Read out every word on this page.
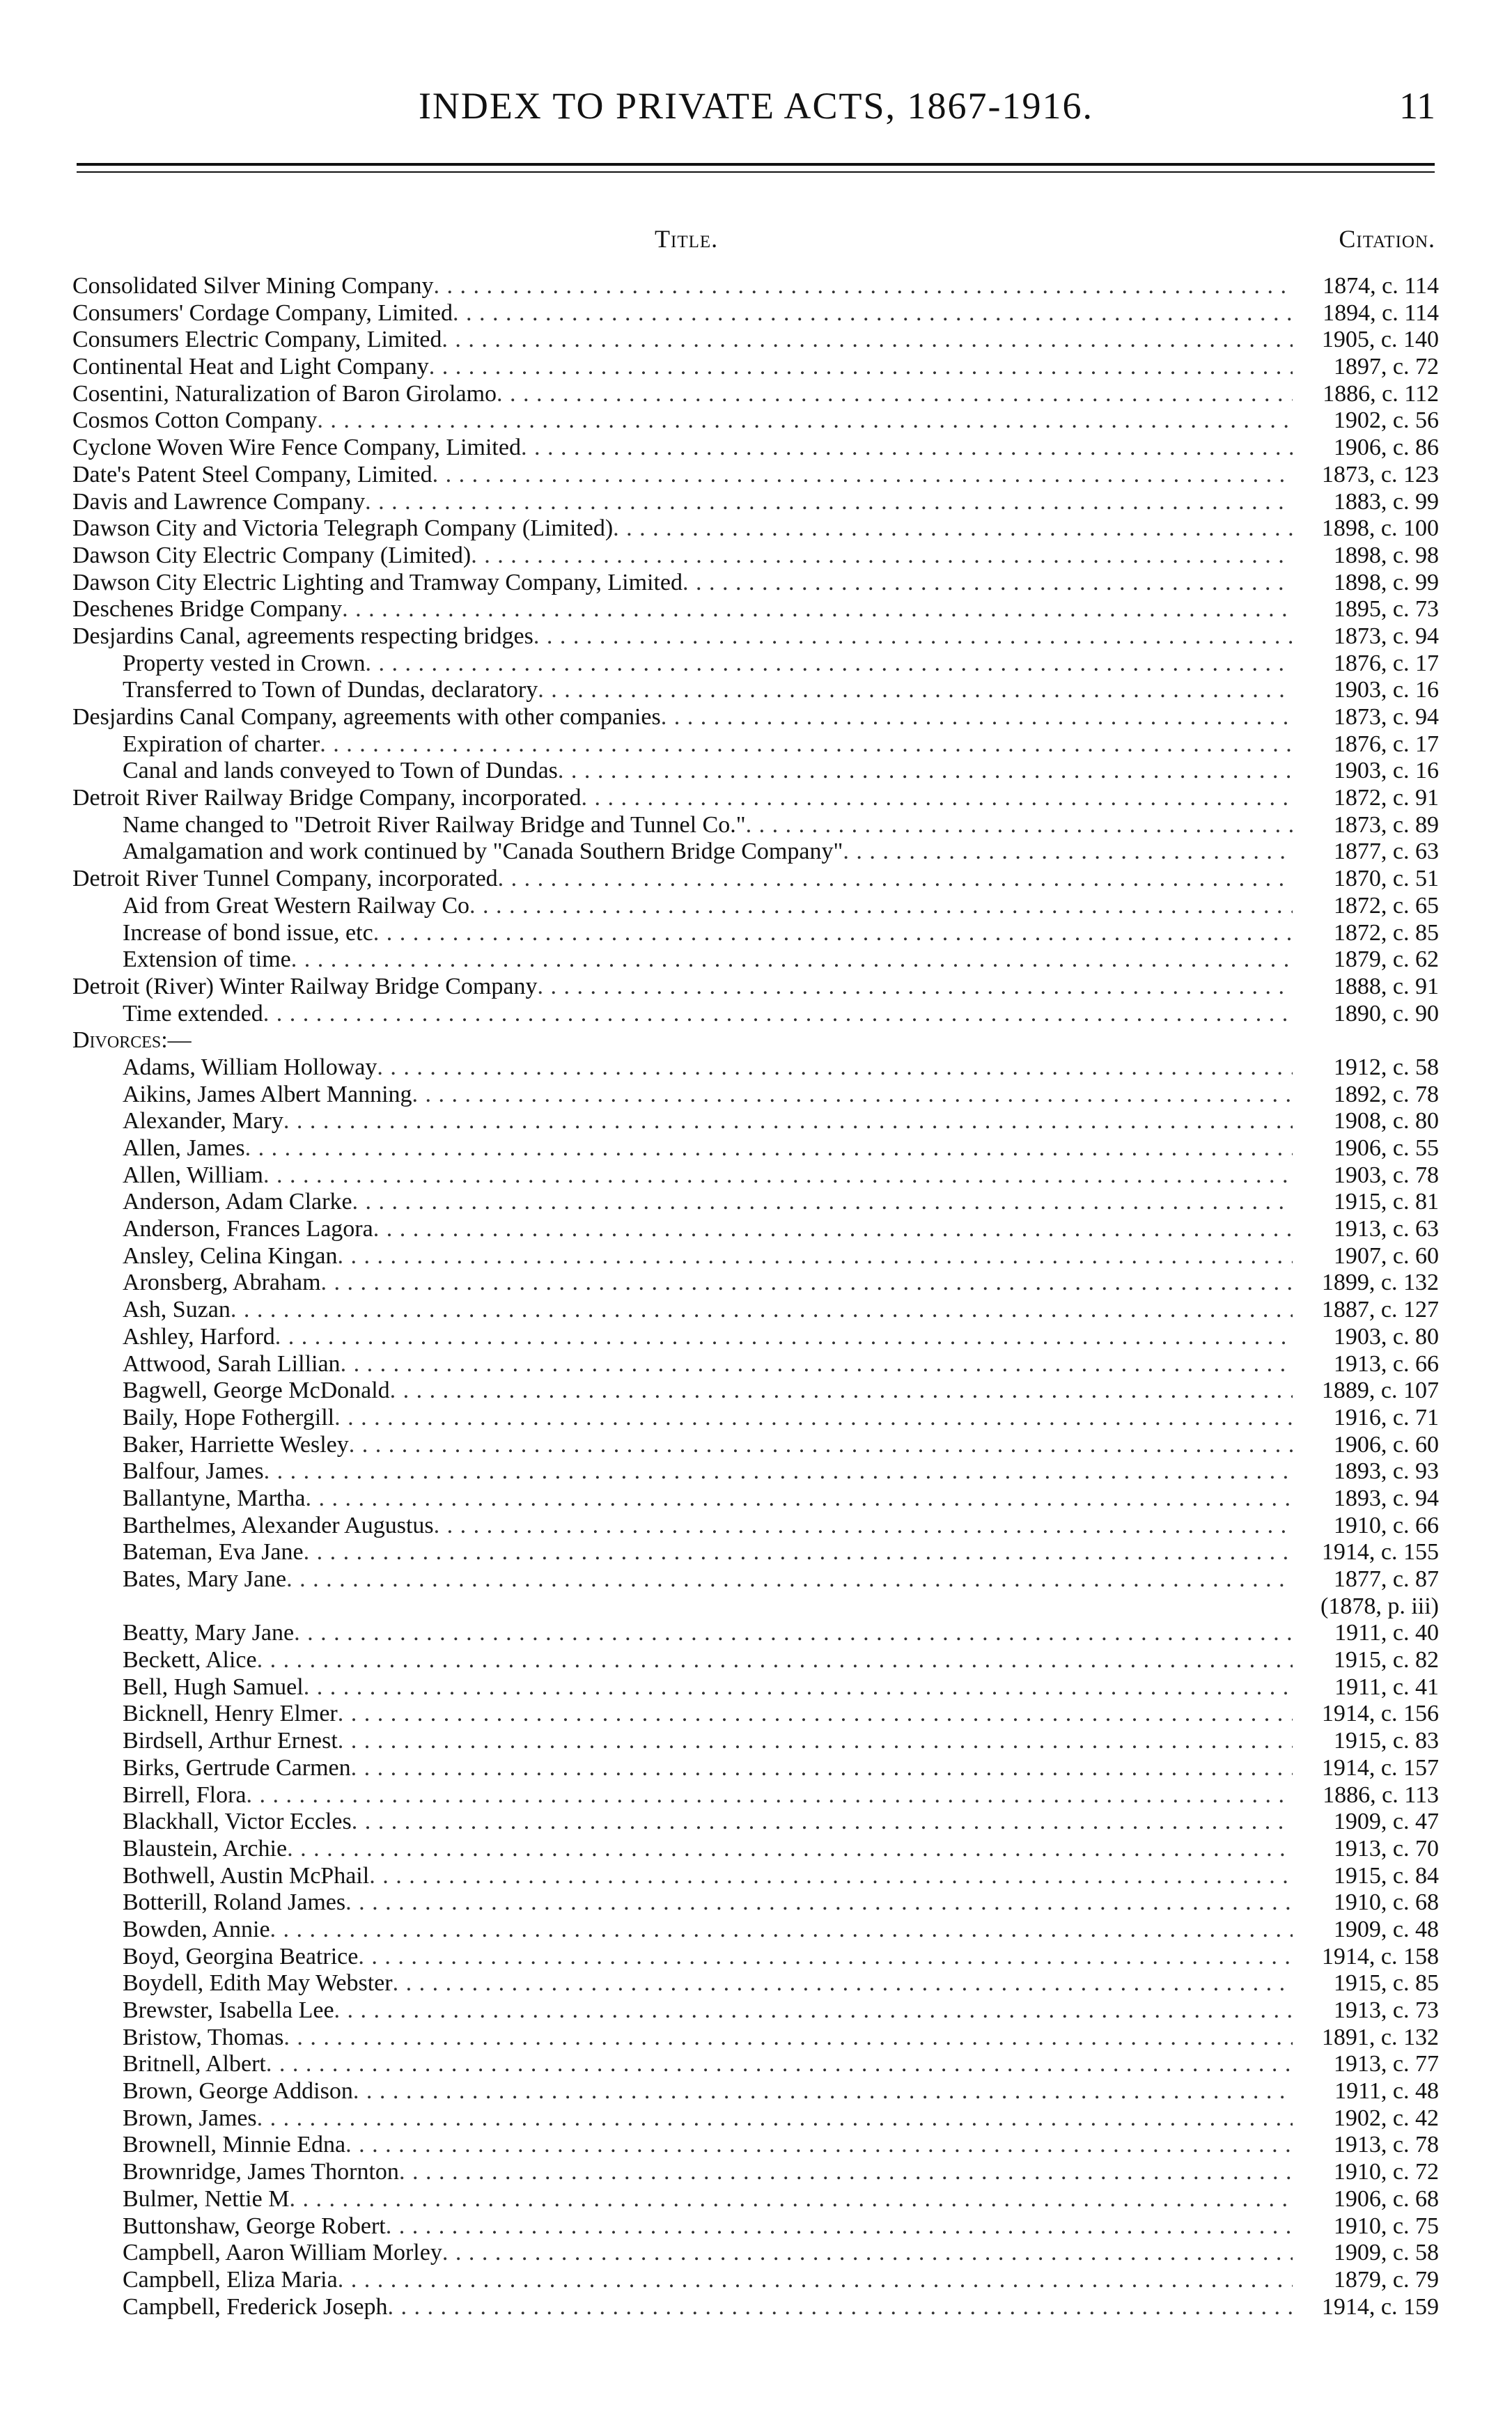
INDEX TO PRIVATE ACTS, 1867-1916.	11
Title.	Citation.
Consolidated Silver Mining Company . . .	1874, c. 114
Consumers' Cordage Company, Limited . . .	1894, c. 114
Consumers Electric Company, Limited . . .	1905, c. 140
Continental Heat and Light Company . . .	1897, c. 72
Cosentini, Naturalization of Baron Girolamo . . .	1886, c. 112
Cosmos Cotton Company . . .	1902, c. 56
Cyclone Woven Wire Fence Company, Limited . . .	1906, c. 86
Date's Patent Steel Company, Limited . . .	1873, c. 123
Davis and Lawrence Company . . .	1883, c. 99
Dawson City and Victoria Telegraph Company (Limited) . . .	1898, c. 100
Dawson City Electric Company (Limited) . . .	1898, c. 98
Dawson City Electric Lighting and Tramway Company, Limited . . .	1898, c. 99
Deschenes Bridge Company . . .	1895, c. 73
Desjardins Canal, agreements respecting bridges . . .	1873, c. 94
Property vested in Crown . . .	1876, c. 17
Transferred to Town of Dundas, declaratory . . .	1903, c. 16
Desjardins Canal Company, agreements with other companies . . .	1873, c. 94
Expiration of charter . . .	1876, c. 17
Canal and lands conveyed to Town of Dundas . . .	1903, c. 16
Detroit River Railway Bridge Company, incorporated . . .	1872, c. 91
Name changed to "Detroit River Railway Bridge and Tunnel Co." . . .	1873, c. 89
Amalgamation and work continued by "Canada Southern Bridge Company" . . .	1877, c. 63
Detroit River Tunnel Company, incorporated . . .	1870, c. 51
Aid from Great Western Railway Co . . .	1872, c. 65
Increase of bond issue, etc . . .	1872, c. 85
Extension of time . . .	1879, c. 62
Detroit (River) Winter Railway Bridge Company . . .	1888, c. 91
Time extended . . .	1890, c. 90
Divorces:—
Adams, William Holloway . . .	1912, c. 58
Aikins, James Albert Manning . . .	1892, c. 78
Alexander, Mary . . .	1908, c. 80
Allen, James . . .	1906, c. 55
Allen, William . . .	1903, c. 78
Anderson, Adam Clarke . . .	1915, c. 81
Anderson, Frances Lagora . . .	1913, c. 63
Ansley, Celina Kingan . . .	1907, c. 60
Aronsberg, Abraham . . .	1899, c. 132
Ash, Suzan . . .	1887, c. 127
Ashley, Harford . . .	1903, c. 80
Attwood, Sarah Lillian . . .	1913, c. 66
Bagwell, George McDonald . . .	1889, c. 107
Baily, Hope Fothergill . . .	1916, c. 71
Baker, Harriette Wesley . . .	1906, c. 60
Balfour, James . . .	1893, c. 93
Ballantyne, Martha . . .	1893, c. 94
Barthelmes, Alexander Augustus . . .	1910, c. 66
Bateman, Eva Jane . . .	1914, c. 155
Bates, Mary Jane . . .	1877, c. 87
(1878, p. iii)
Beatty, Mary Jane . . .	1911, c. 40
Beckett, Alice . . .	1915, c. 82
Bell, Hugh Samuel . . .	1911, c. 41
Bicknell, Henry Elmer . . .	1914, c. 156
Birdsell, Arthur Ernest . . .	1915, c. 83
Birks, Gertrude Carmen . . .	1914, c. 157
Birrell, Flora . . .	1886, c. 113
Blackhall, Victor Eccles . . .	1909, c. 47
Blaustein, Archie . . .	1913, c. 70
Bothwell, Austin McPhail . . .	1915, c. 84
Botterill, Roland James . . .	1910, c. 68
Bowden, Annie . . .	1909, c. 48
Boyd, Georgina Beatrice . . .	1914, c. 158
Boydell, Edith May Webster . . .	1915, c. 85
Brewster, Isabella Lee . . .	1913, c. 73
Bristow, Thomas . . .	1891, c. 132
Britnell, Albert . . .	1913, c. 77
Brown, George Addison . . .	1911, c. 48
Brown, James . . .	1902, c. 42
Brownell, Minnie Edna . . .	1913, c. 78
Brownridge, James Thornton . . .	1910, c. 72
Bulmer, Nettie M . . .	1906, c. 68
Buttonshaw, George Robert . . .	1910, c. 75
Campbell, Aaron William Morley . . .	1909, c. 58
Campbell, Eliza Maria . . .	1879, c. 79
Campbell, Frederick Joseph . . .	1914, c. 159
